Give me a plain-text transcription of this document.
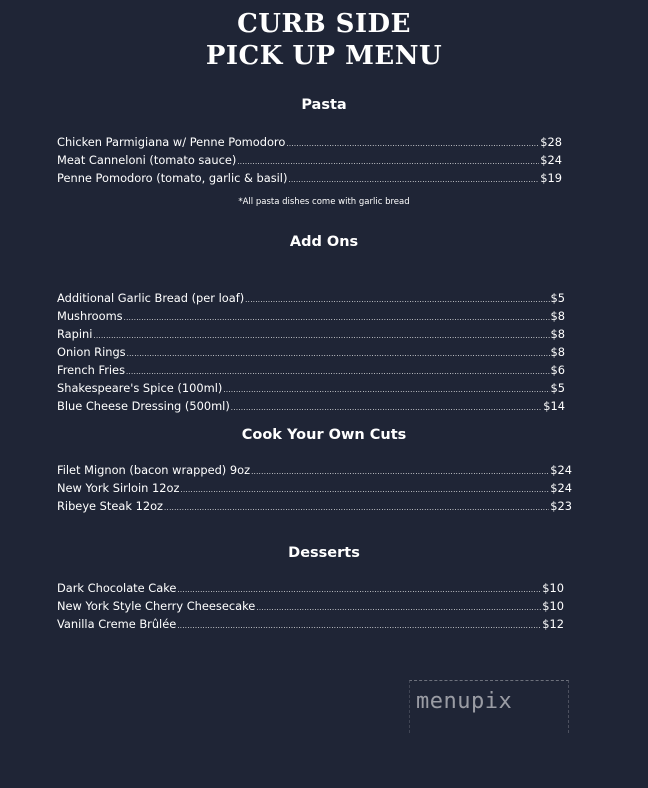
CURB SIDE
PICK UP MENU
Pasta
Chicken Parmigiana w/ Penne Pomodoro .....	$28
Meat Canneloni (tomato sauce) .....	$24
Penne Pomodoro (tomato, garlic & basil) .....	$19
*All pasta dishes come with garlic bread
Add Ons
Additional Garlic Bread (per loaf) .....	$5
Mushrooms .....	$8
Rapini .....	$8
Onion Rings .....	$8
French Fries .....	$6
Shakespeare's Spice (100ml) .....	$5
Blue Cheese Dressing (500ml) .....	$14
Cook Your Own Cuts
Filet Mignon (bacon wrapped) 9oz .....	$24
New York Sirloin 12oz .....	$24
Ribeye Steak 12oz .....	$23
Desserts
Dark Chocolate Cake .....	$10
New York Style Cherry Cheesecake .....	$10
Vanilla Creme Brûlée .....	$12
menupix
